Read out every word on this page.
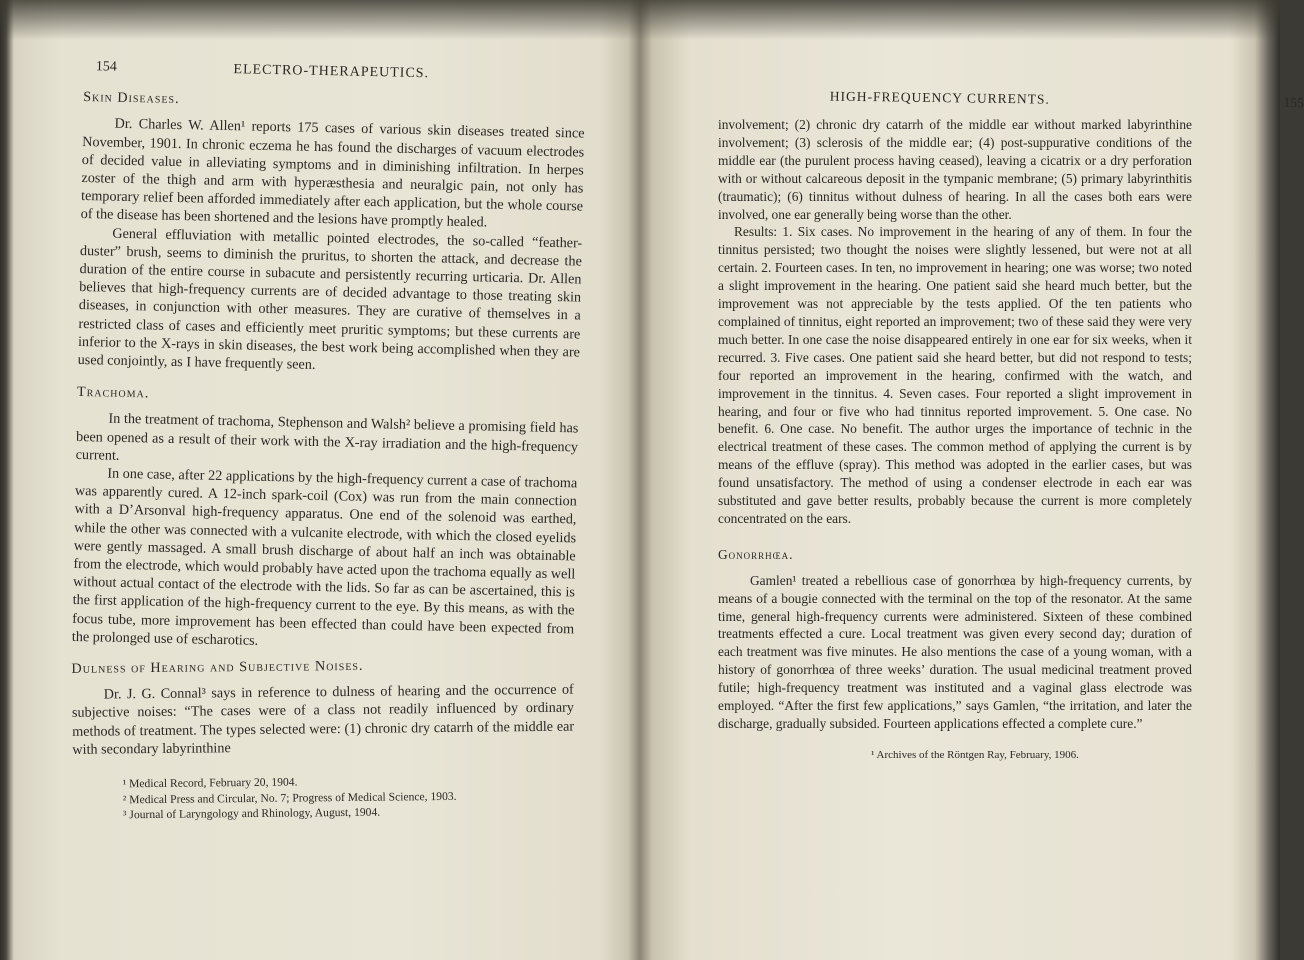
154	ELECTRO-THERAPEUTICS.
Skin Diseases.

Dr. Charles W. Allen¹ reports 175 cases of various skin diseases treated since November, 1901. In chronic eczema he has found the discharges of vacuum electrodes of decided value in alleviating symptoms and in diminishing infiltration. In herpes zoster of the thigh and arm with hyperæsthesia and neuralgic pain, not only has temporary relief been afforded immediately after each application, but the whole course of the disease has been shortened and the lesions have promptly healed.

General effluviation with metallic pointed electrodes, the so-called “feather-duster” brush, seems to diminish the pruritus, to shorten the attack, and decrease the duration of the entire course in subacute and persistently recurring urticaria. Dr. Allen believes that high-frequency currents are of decided advantage to those treating skin diseases, in conjunction with other measures. They are curative of themselves in a restricted class of cases and efficiently meet pruritic symptoms; but these currents are inferior to the X-rays in skin diseases, the best work being accomplished when they are used conjointly, as I have frequently seen.

Trachoma.

In the treatment of trachoma, Stephenson and Walsh² believe a promising field has been opened as a result of their work with the X-ray irradiation and the high-frequency current.

In one case, after 22 applications by the high-frequency current a case of trachoma was apparently cured. A 12-inch spark-coil (Cox) was run from the main connection with a D’Arsonval high-frequency apparatus. One end of the solenoid was earthed, while the other was connected with a vulcanite electrode, with which the closed eyelids were gently massaged. A small brush discharge of about half an inch was obtainable from the electrode, which would probably have acted upon the trachoma equally as well without actual contact of the electrode with the lids. So far as can be ascertained, this is the first application of the high-frequency current to the eye. By this means, as with the focus tube, more improvement has been effected than could have been expected from the prolonged use of escharotics.

Dulness of Hearing and Subjective Noises.

Dr. J. G. Connal³ says in reference to dulness of hearing and the occurrence of subjective noises: “The cases were of a class not readily influenced by ordinary methods of treatment. The types selected were: (1) chronic dry catarrh of the middle ear with secondary labyrinthine

¹ Medical Record, February 20, 1904.

² Medical Press and Circular, No. 7; Progress of Medical Science, 1903.

³ Journal of Laryngology and Rhinology, August, 1904.

HIGH-FREQUENCY CURRENTS.	155

involvement; (2) chronic dry catarrh of the middle ear without marked labyrinthine involvement; (3) sclerosis of the middle ear; (4) post-suppurative conditions of the middle ear (the purulent process having ceased), leaving a cicatrix or a dry perforation with or without calcareous deposit in the tympanic membrane; (5) primary labyrinthitis (traumatic); (6) tinnitus without dulness of hearing. In all the cases both ears were involved, one ear generally being worse than the other.

Results: 1. Six cases. No improvement in the hearing of any of them. In four the tinnitus persisted; two thought the noises were slightly lessened, but were not at all certain. 2. Fourteen cases. In ten, no improvement in hearing; one was worse; two noted a slight improvement in the hearing. One patient said she heard much better, but the improvement was not appreciable by the tests applied. Of the ten patients who complained of tinnitus, eight reported an improvement; two of these said they were very much better. In one case the noise disappeared entirely in one ear for six weeks, when it recurred. 3. Five cases. One patient said she heard better, but did not respond to tests; four reported an improvement in the hearing, confirmed with the watch, and improvement in the tinnitus. 4. Seven cases. Four reported a slight improvement in hearing, and four or five who had tinnitus reported improvement. 5. One case. No benefit. 6. One case. No benefit. The author urges the importance of technic in the electrical treatment of these cases. The common method of applying the current is by means of the effluve (spray). This method was adopted in the earlier cases, but was found unsatisfactory. The method of using a condenser electrode in each ear was substituted and gave better results, probably because the current is more completely concentrated on the ears.

Gonorrhœa.

Gamlen¹ treated a rebellious case of gonorrhœa by high-frequency currents, by means of a bougie connected with the terminal on the top of the resonator. At the same time, general high-frequency currents were administered. Sixteen of these combined treatments effected a cure. Local treatment was given every second day; duration of each treatment was five minutes. He also mentions the case of a young woman, with a history of gonorrhœa of three weeks’ duration. The usual medicinal treatment proved futile; high-frequency treatment was instituted and a vaginal glass electrode was employed. “After the first few applications,” says Gamlen, “the irritation, and later the discharge, gradually subsided. Fourteen applications effected a complete cure.”

¹ Archives of the Röntgen Ray, February, 1906.
